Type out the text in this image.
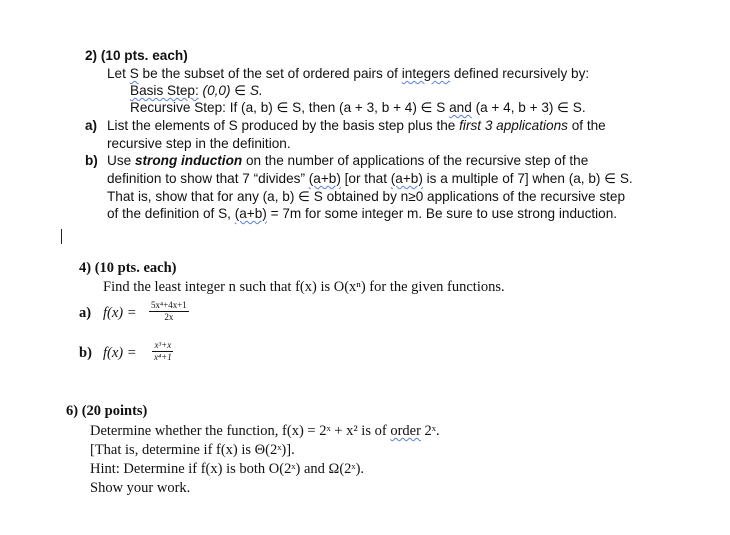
2) (10 pts. each)
Let S be the subset of the set of ordered pairs of integers defined recursively by:
Basis Step: (0,0) ∈ S.
Recursive Step: If (a, b) ∈ S, then (a + 3, b + 4) ∈ S and (a + 4, b + 3) ∈ S.
a) List the elements of S produced by the basis step plus the first 3 applications of the
recursive step in the definition.
b) Use strong induction on the number of applications of the recursive step of the
definition to show that 7 “divides” (a+b) [or that (a+b) is a multiple of 7] when (a, b) ∈ S.
That is, show that for any (a, b) ∈ S obtained by n≥0 applications of the recursive step
of the definition of S, (a+b) = 7m for some integer m. Be sure to use strong induction.
4) (10 pts. each)
Find the least integer n such that f(x) is O(xⁿ) for the given functions.
a) $f(x) = \frac{\text{5x⁴+4x+1}}{2x}$
b) $f(x) = \frac{\text{x³+x}}{\text{x⁴+1}}$
6) (20 points)
Determine whether the function, f(x) = 2ˣ + x² is of order 2ˣ.
[That is, determine if f(x) is Θ(2ˣ)].
Hint: Determine if f(x) is both O(2ˣ) and Ω(2ˣ).
Show your work.
